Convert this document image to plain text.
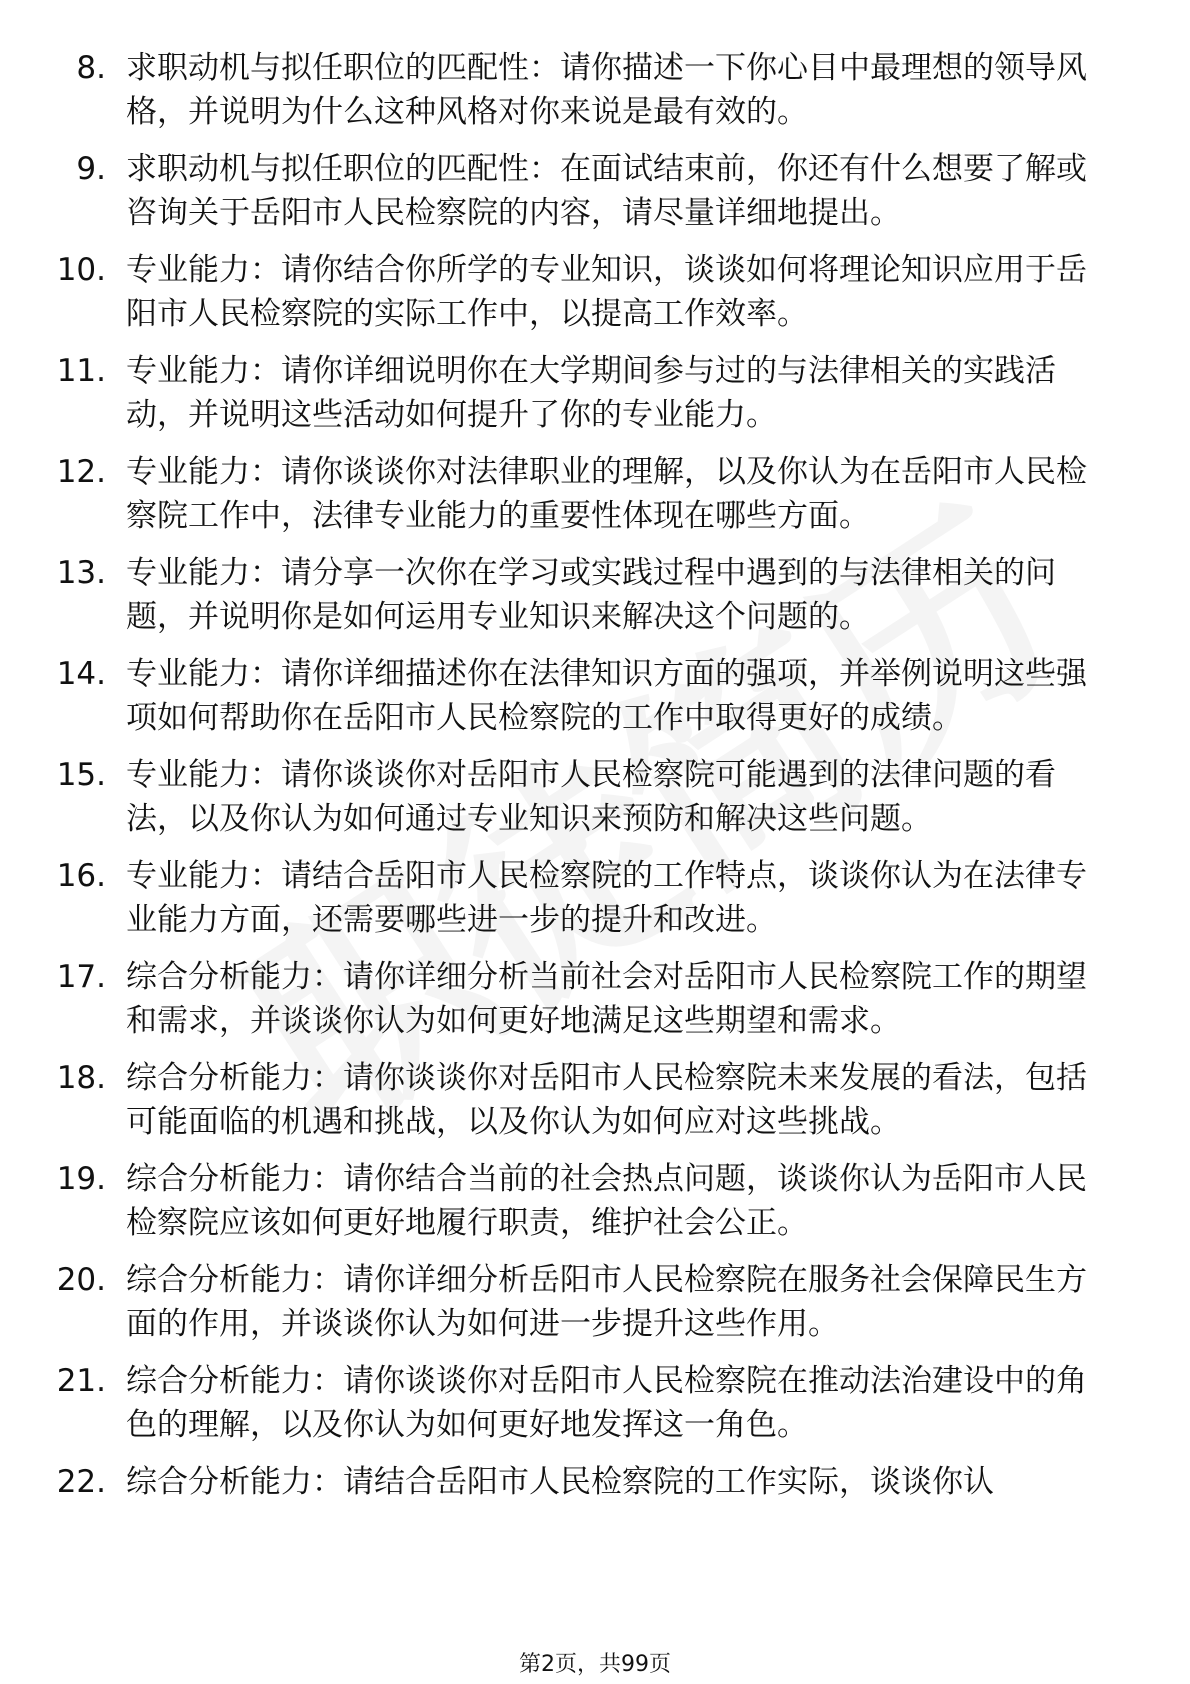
8. 求职动机与拟任职位的匹配性：请你描述一下你心目中最理想的领导风格，并说明为什么这种风格对你来说是最有效的。
9. 求职动机与拟任职位的匹配性：在面试结束前，你还有什么想要了解或咨询关于岳阳市人民检察院的内容，请尽量详细地提出。
10. 专业能力：请你结合你所学的专业知识，谈谈如何将理论知识应用于岳阳市人民检察院的实际工作中，以提高工作效率。
11. 专业能力：请你详细说明你在大学期间参与过的与法律相关的实践活动，并说明这些活动如何提升了你的专业能力。
12. 专业能力：请你谈谈你对法律职业的理解，以及你认为在岳阳市人民检察院工作中，法律专业能力的重要性体现在哪些方面。
13. 专业能力：请分享一次你在学习或实践过程中遇到的与法律相关的问题，并说明你是如何运用专业知识来解决这个问题的。
14. 专业能力：请你详细描述你在法律知识方面的强项，并举例说明这些强项如何帮助你在岳阳市人民检察院的工作中取得更好的成绩。
15. 专业能力：请你谈谈你对岳阳市人民检察院可能遇到的法律问题的看法，以及你认为如何通过专业知识来预防和解决这些问题。
16. 专业能力：请结合岳阳市人民检察院的工作特点，谈谈你认为在法律专业能力方面，还需要哪些进一步的提升和改进。
17. 综合分析能力：请你详细分析当前社会对岳阳市人民检察院工作的期望和需求，并谈谈你认为如何更好地满足这些期望和需求。
18. 综合分析能力：请你谈谈你对岳阳市人民检察院未来发展的看法，包括可能面临的机遇和挑战，以及你认为如何应对这些挑战。
19. 综合分析能力：请你结合当前的社会热点问题，谈谈你认为岳阳市人民检察院应该如何更好地履行职责，维护社会公正。
20. 综合分析能力：请你详细分析岳阳市人民检察院在服务社会保障民生方面的作用，并谈谈你认为如何进一步提升这些作用。
21. 综合分析能力：请你谈谈你对岳阳市人民检察院在推动法治建设中的角色的理解，以及你认为如何更好地发挥这一角色。
22. 综合分析能力：请结合岳阳市人民检察院的工作实际，谈谈你认
第2页，共99页
